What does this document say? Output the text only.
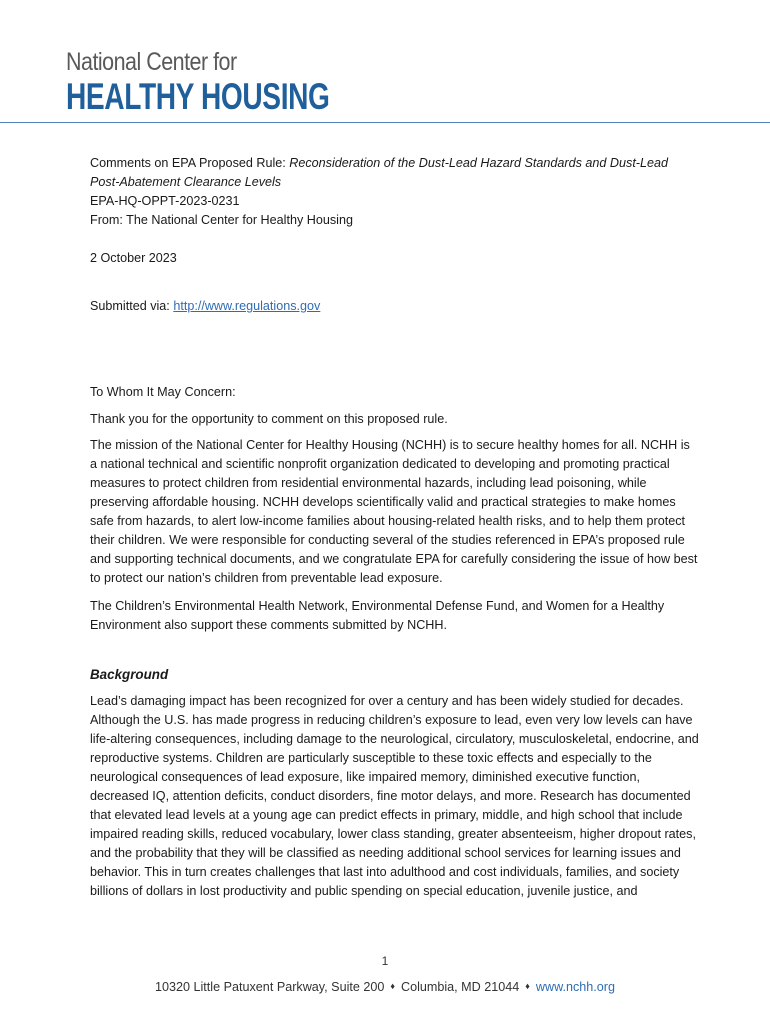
National Center for
HEALTHY HOUSING

Comments on EPA Proposed Rule: Reconsideration of the Dust-Lead Hazard Standards and Dust-Lead Post-Abatement Clearance Levels

EPA-HQ-OPPT-2023-0231

From: The National Center for Healthy Housing

2 October 2023

Submitted via: http://www.regulations.gov

To Whom It May Concern:

Thank you for the opportunity to comment on this proposed rule.

The mission of the National Center for Healthy Housing (NCHH) is to secure healthy homes for all. NCHH is a national technical and scientific nonprofit organization dedicated to developing and promoting practical measures to protect children from residential environmental hazards, including lead poisoning, while preserving affordable housing. NCHH develops scientifically valid and practical strategies to make homes safe from hazards, to alert low-income families about housing-related health risks, and to help them protect their children. We were responsible for conducting several of the studies referenced in EPA’s proposed rule and supporting technical documents, and we congratulate EPA for carefully considering the issue of how best to protect our nation’s children from preventable lead exposure.

The Children’s Environmental Health Network, Environmental Defense Fund, and Women for a Healthy Environment also support these comments submitted by NCHH.

Background

Lead’s damaging impact has been recognized for over a century and has been widely studied for decades. Although the U.S. has made progress in reducing children’s exposure to lead, even very low levels can have life-altering consequences, including damage to the neurological, circulatory, musculoskeletal, endocrine, and reproductive systems. Children are particularly susceptible to these toxic effects and especially to the neurological consequences of lead exposure, like impaired memory, diminished executive function, decreased IQ, attention deficits, conduct disorders, fine motor delays, and more. Research has documented that elevated lead levels at a young age can predict effects in primary, middle, and high school that include impaired reading skills, reduced vocabulary, lower class standing, greater absenteeism, higher dropout rates, and the probability that they will be classified as needing additional school services for learning issues and behavior. This in turn creates challenges that last into adulthood and cost individuals, families, and society billions of dollars in lost productivity and public spending on special education, juvenile justice, and

1
10320 Little Patuxent Parkway, Suite 200 ♦ Columbia, MD 21044 ♦ www.nchh.org
